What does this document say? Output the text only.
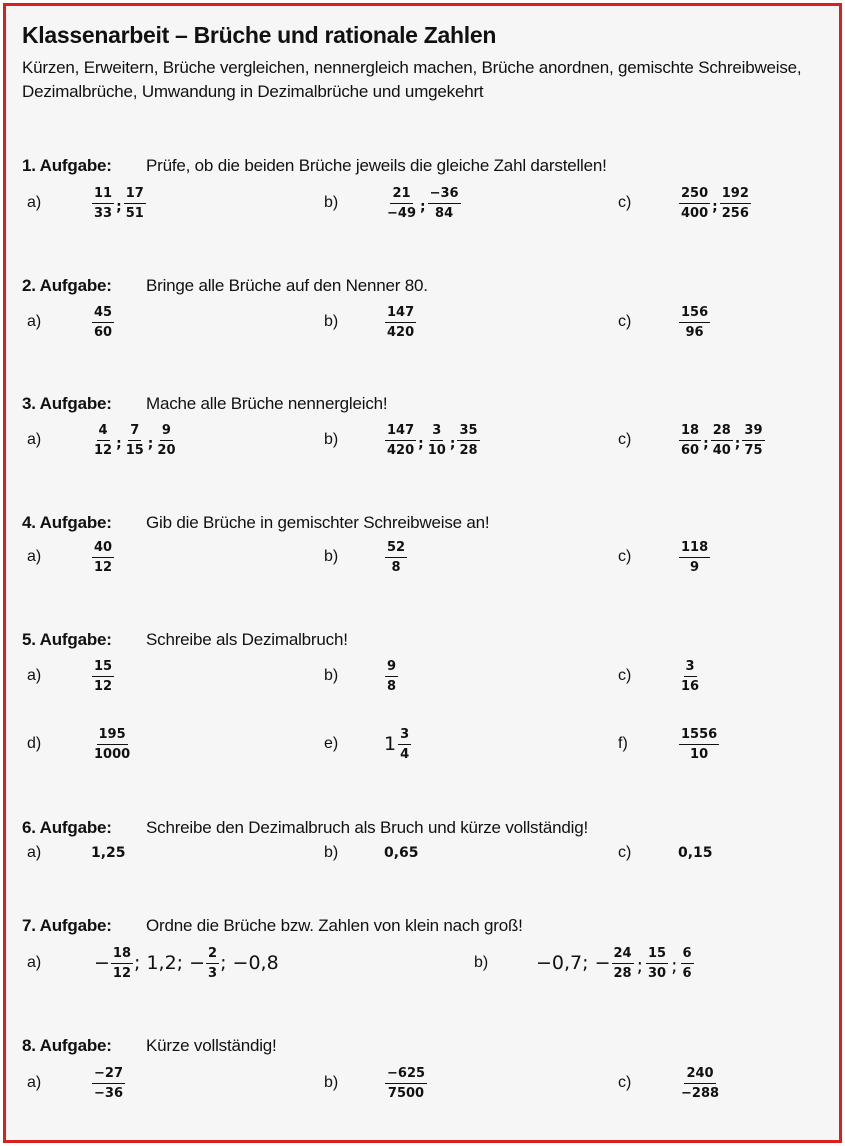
Klassenarbeit – Brüche und rationale Zahlen
Kürzen, Erweitern, Brüche vergleichen, nennergleich machen, Brüche anordnen, gemischte Schreibweise, Dezimalbrüche, Umwandung in Dezimalbrüche und umgekehrt
1. Aufgabe: Prüfe, ob die beiden Brüche jeweils die gleiche Zahl darstellen!
2. Aufgabe: Bringe alle Brüche auf den Nenner 80.
3. Aufgabe: Mache alle Brüche nennergleich!
4. Aufgabe: Gib die Brüche in gemischter Schreibweise an!
5. Aufgabe: Schreibe als Dezimalbruch!
6. Aufgabe: Schreibe den Dezimalbruch als Bruch und kürze vollständig!
7. Aufgabe: Ordne die Brüche bzw. Zahlen von klein nach groß!
8. Aufgabe: Kürze vollständig!
a)	$\frac{11}{33}$ ; $\frac{17}{51}$	b)	$\frac{21}{-49}$ ; $\frac{-36}{84}$	c)	$\frac{250}{400}$ ; $\frac{192}{256}$
a)	$\frac{45}{60}$	b)	$\frac{147}{420}$	c)	$\frac{156}{96}$
a)	$\frac{4}{12}$ ; $\frac{7}{15}$ ; $\frac{9}{20}$	b)	$\frac{147}{420}$ ; $\frac{3}{10}$ ; $\frac{35}{28}$	c)	$\frac{18}{60}$ ; $\frac{28}{40}$ ; $\frac{39}{75}$
a)	$\frac{40}{12}$	b)	$\frac{52}{8}$	c)	$\frac{118}{9}$
a)	$\frac{15}{12}$	b)	$\frac{9}{8}$	c)	$\frac{3}{16}$
d)	$\frac{195}{1000}$	e) $1 \frac{3}{4}$	f)	$\frac{1556}{10}$
a)	1,25	b)	0,65	c)	0,15
a)	− $\frac{18}{12}$ ; 1,2; − $\frac{2}{3}$ ; −0,8	b)	−0,7; − $\frac{24}{28}$ ; $\frac{15}{30}$ ; $\frac{6}{6}$
a)	$\frac{-27}{-36}$	b)	$\frac{-625}{7500}$	c)	$\frac{240}{-288}$
